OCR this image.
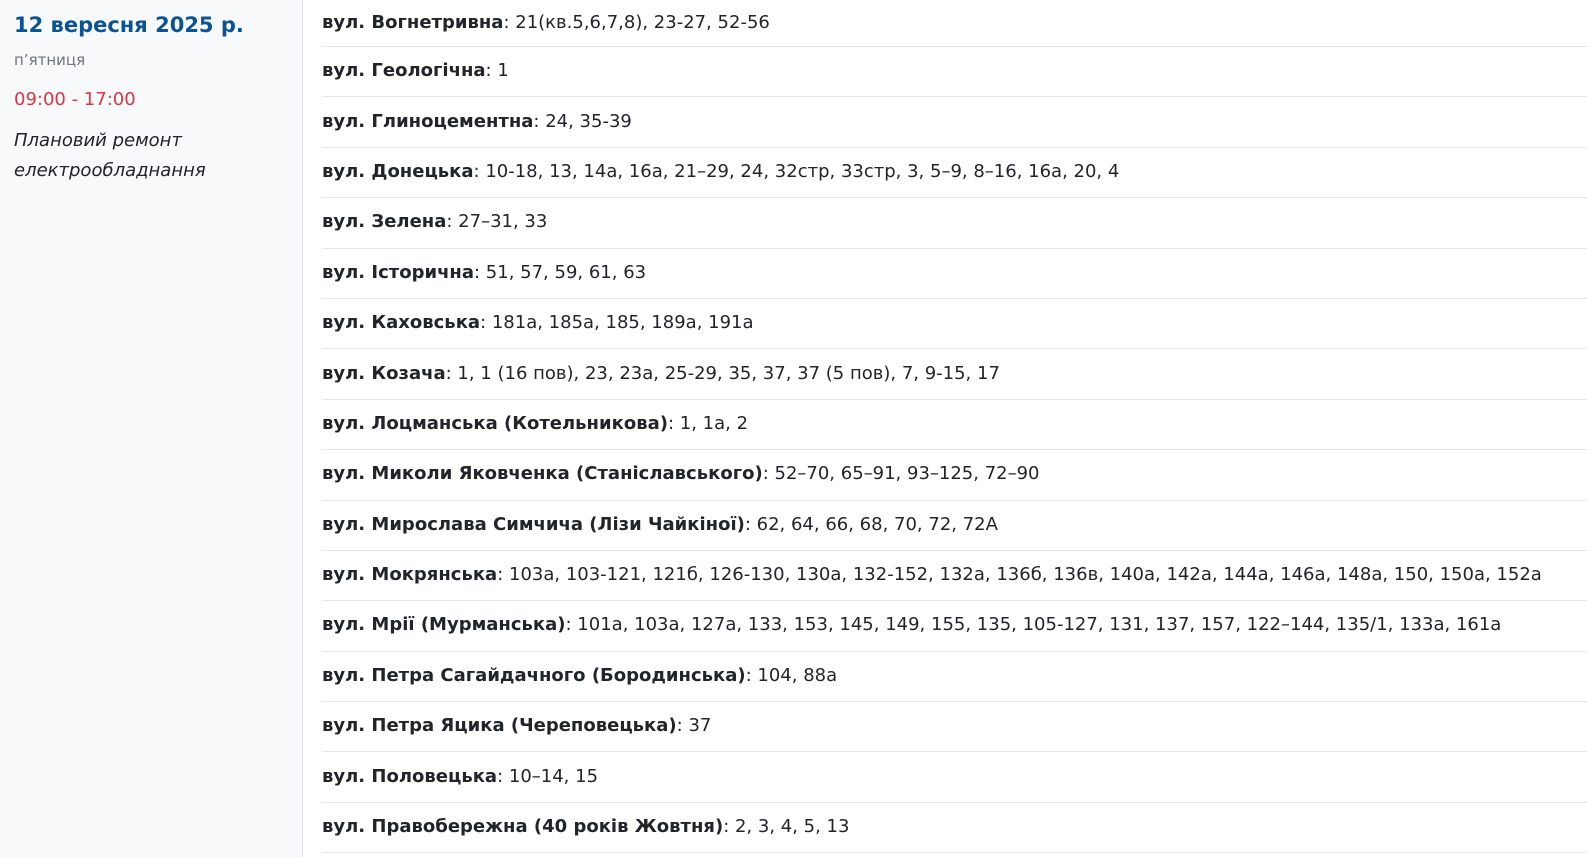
12 вересня 2025 р.
п’ятниця
09:00 - 17:00
Плановий ремонт електрообладнання
вул. Вогнетривна : 21(кв.5,6,7,8), 23-27, 52-56
вул. Геологічна : 1
вул. Глиноцементна : 24, 35-39
вул. Донецька : 10-18, 13, 14а, 16а, 21–29, 24, 32стр, 33стр, 3, 5–9, 8–16, 16а, 20, 4
вул. Зелена : 27–31, 33
вул. Історична : 51, 57, 59, 61, 63
вул. Каховська : 181а, 185а, 185, 189а, 191а
вул. Козача : 1, 1 (16 пов), 23, 23а, 25-29, 35, 37, 37 (5 пов), 7, 9-15, 17
вул. Лоцманська (Котельникова) : 1, 1а, 2
вул. Миколи Яковченка (Станіславського) : 52–70, 65–91, 93–125, 72–90
вул. Мирослава Симчича (Лізи Чайкіної) : 62, 64, 66, 68, 70, 72, 72А
вул. Мокрянська : 103а, 103-121, 121б, 126-130, 130а, 132-152, 132а, 136б, 136в, 140а, 142а, 144а, 146а, 148а, 150, 150а, 152а
вул. Мрії (Мурманська) : 101а, 103а, 127а, 133, 153, 145, 149, 155, 135, 105-127, 131, 137, 157, 122–144, 135/1, 133а, 161а
вул. Петра Сагайдачного (Бородинська) : 104, 88а
вул. Петра Яцика (Череповецька) : 37
вул. Половецька : 10–14, 15
вул. Правобережна (40 років Жовтня) : 2, 3, 4, 5, 13
